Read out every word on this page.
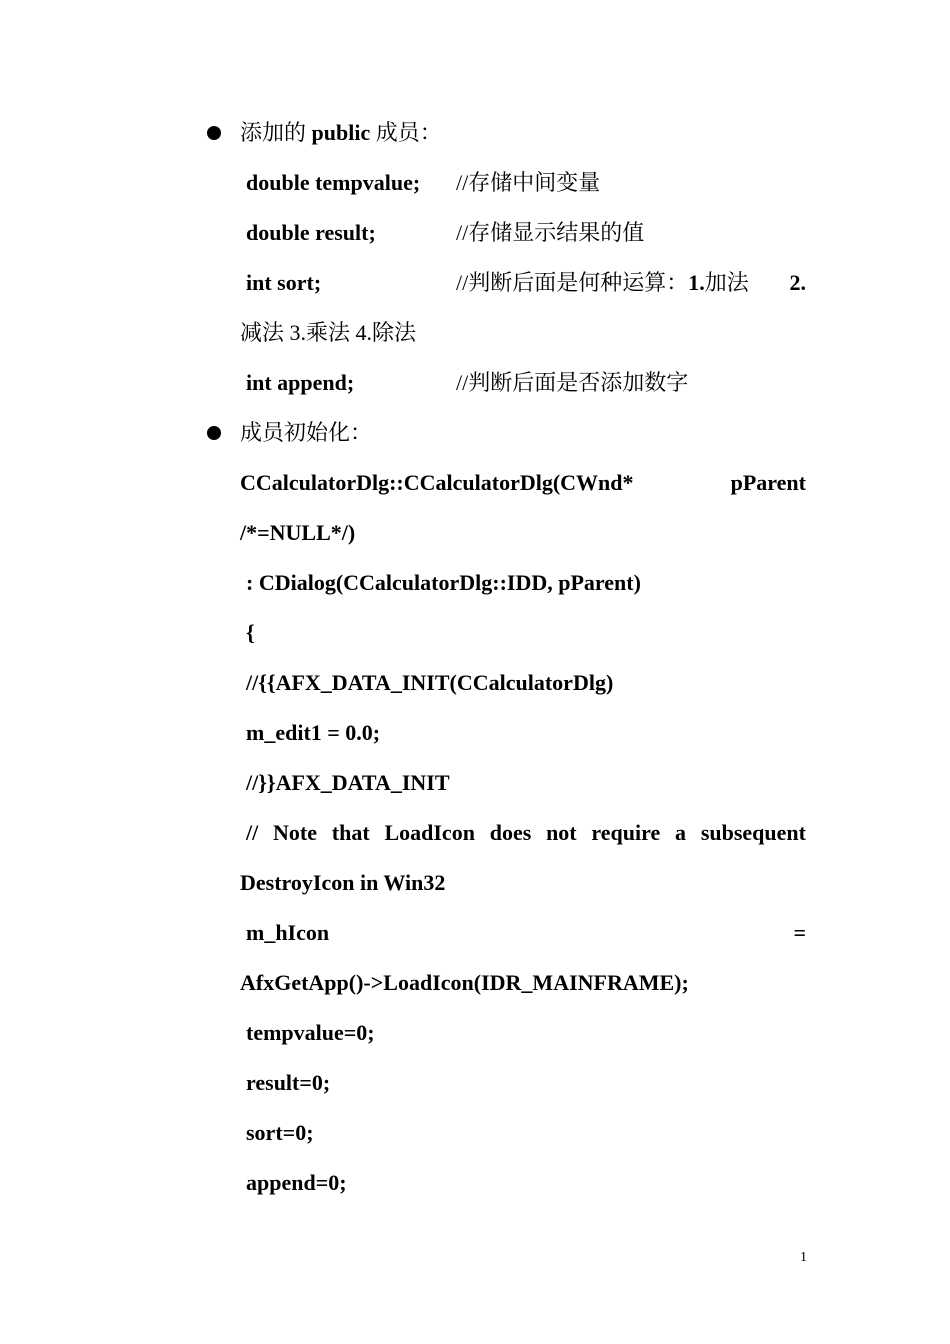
添加的 public 成员：
double tempvalue; //存储中间变量
double result;	//存储显示结果的值
int sort;	//判断后面是何种运算：1.加法 2.
减法 3.乘法 4.除法
int append;	//判断后面是否添加数字
成员初始化：
CCalculatorDlg::CCalculatorDlg(CWnd*	pParent
/*=NULL*/)
: CDialog(CCalculatorDlg::IDD, pParent)
{
//{{AFX_DATA_INIT(CCalculatorDlg)
m_edit1 = 0.0;
//}}AFX_DATA_INIT
// Note that LoadIcon does not require a subsequent
DestroyIcon in Win32
m_hIcon	=
AfxGetApp()->LoadIcon(IDR_MAINFRAME);
tempvalue=0;
result=0;
sort=0;
append=0;
1
